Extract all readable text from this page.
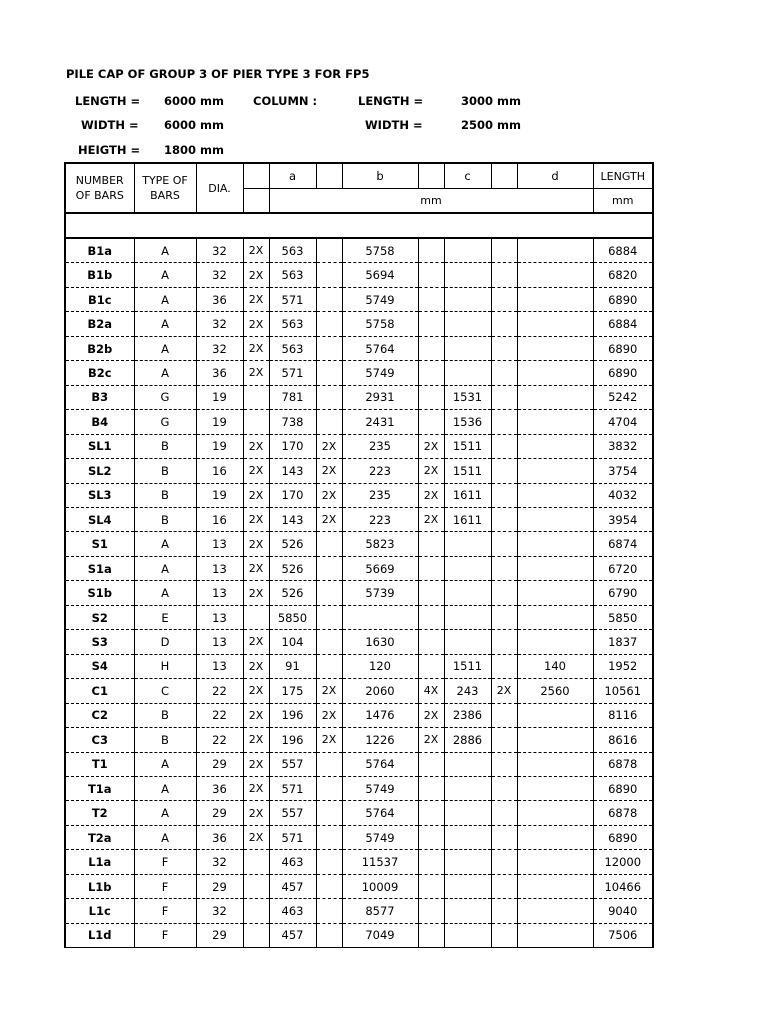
PILE CAP OF GROUP 3 OF PIER TYPE 3 FOR FP5
LENGTH = 6000 mm	COLUMN :	LENGTH =	3000 mm
WIDTH = 6000 mm	WIDTH =	2500 mm
HEIGTH = 1800 mm
NUMBER
OF BARS	TYPE OF
BARS	DIA.		a		b		c		d	LENGTH
				mm							mm

B1a	A	32	2X	563		5758					6884
B1b	A	32	2X	563		5694					6820
B1c	A	36	2X	571		5749					6890
B2a	A	32	2X	563		5758					6884
B2b	A	32	2X	563		5764					6890
B2c	A	36	2X	571		5749					6890
B3	G	19		781		2931		1531			5242
B4	G	19		738		2431		1536			4704
SL1	B	19	2X	170	2X	235	2X	1511			3832
SL2	B	16	2X	143	2X	223	2X	1511			3754
SL3	B	19	2X	170	2X	235	2X	1611			4032
SL4	B	16	2X	143	2X	223	2X	1611			3954
S1	A	13	2X	526		5823					6874
S1a	A	13	2X	526		5669					6720
S1b	A	13	2X	526		5739					6790
S2	E	13		5850							5850
S3	D	13	2X	104		1630					1837
S4	H	13	2X	91		120		1511		140	1952
C1	C	22	2X	175	2X	2060	4X	243	2X	2560	10561
C2	B	22	2X	196	2X	1476	2X	2386			8116
C3	B	22	2X	196	2X	1226	2X	2886			8616
T1	A	29	2X	557		5764					6878
T1a	A	36	2X	571		5749					6890
T2	A	29	2X	557		5764					6878
T2a	A	36	2X	571		5749					6890
L1a	F	32		463		11537					12000
L1b	F	29		457		10009					10466
L1c	F	32		463		8577					9040
L1d	F	29		457		7049					7506
